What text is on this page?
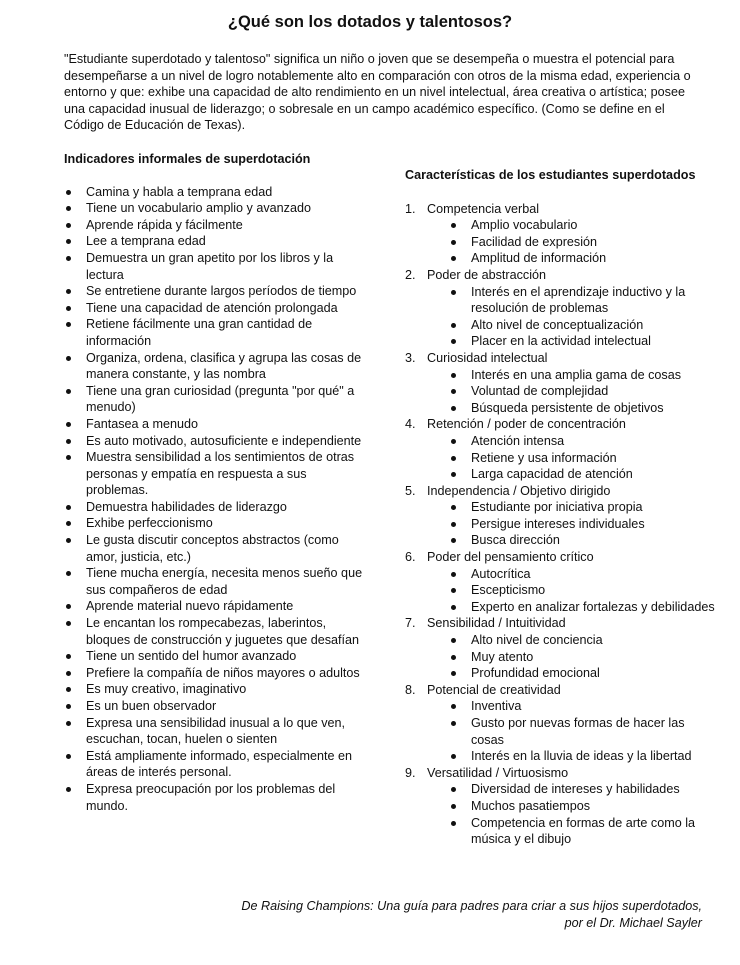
¿Qué son los dotados y talentosos?

"Estudiante superdotado y talentoso" significa un niño o joven que se desempeña o muestra el potencial para desempeñarse a un nivel de logro notablemente alto en comparación con otros de la misma edad, experiencia o entorno y que: exhibe una capacidad de alto rendimiento en un nivel intelectual, área creativa o artística; posee una capacidad inusual de liderazgo; o sobresale en un campo académico específico. (Como se define en el Código de Educación de Texas).

Indicadores informales de superdotación
Camina y habla a temprana edad
Tiene un vocabulario amplio y avanzado
Aprende rápida y fácilmente
Lee a temprana edad
Demuestra un gran apetito por los libros y la lectura
Se entretiene durante largos períodos de tiempo
Tiene una capacidad de atención prolongada
Retiene fácilmente una gran cantidad de información
Organiza, ordena, clasifica y agrupa las cosas de manera constante, y las nombra
Tiene una gran curiosidad (pregunta "por qué" a menudo)
Fantasea a menudo
Es auto motivado, autosuficiente e independiente
Muestra sensibilidad a los sentimientos de otras personas y empatía en respuesta a sus problemas.
Demuestra habilidades de liderazgo
Exhibe perfeccionismo
Le gusta discutir conceptos abstractos (como amor, justicia, etc.)
Tiene mucha energía, necesita menos sueño que sus compañeros de edad
Aprende material nuevo rápidamente
Le encantan los rompecabezas, laberintos, bloques de construcción y juguetes que desafían
Tiene un sentido del humor avanzado
Prefiere la compañía de niños mayores o adultos
Es muy creativo, imaginativo
Es un buen observador
Expresa una sensibilidad inusual a lo que ven, escuchan, tocan, huelen o sienten
Está ampliamente informado, especialmente en áreas de interés personal.
Expresa preocupación por los problemas del mundo.
Características de los estudiantes superdotados
1. Competencia verbal
Amplio vocabulario
Facilidad de expresión
Amplitud de información
2. Poder de abstracción
Interés en el aprendizaje inductivo y la resolución de problemas
Alto nivel de conceptualización
Placer en la actividad intelectual
3. Curiosidad intelectual
Interés en una amplia gama de cosas
Voluntad de complejidad
Búsqueda persistente de objetivos
4. Retención / poder de concentración
Atención intensa
Retiene y usa información
Larga capacidad de atención
5. Independencia / Objetivo dirigido
Estudiante por iniciativa propia
Persigue intereses individuales
Busca dirección
6. Poder del pensamiento crítico
Autocrítica
Escepticismo
Experto en analizar fortalezas y debilidades
7. Sensibilidad / Intuitividad
Alto nivel de conciencia
Muy atento
Profundidad emocional
8. Potencial de creatividad
Inventiva
Gusto por nuevas formas de hacer las cosas
Interés en la lluvia de ideas y la libertad
9. Versatilidad / Virtuosismo
Diversidad de intereses y habilidades
Muchos pasatiempos
Competencia en formas de arte como la música y el dibujo
De Raising Champions: Una guía para padres para criar a sus hijos superdotados,
por el Dr. Michael Sayler
